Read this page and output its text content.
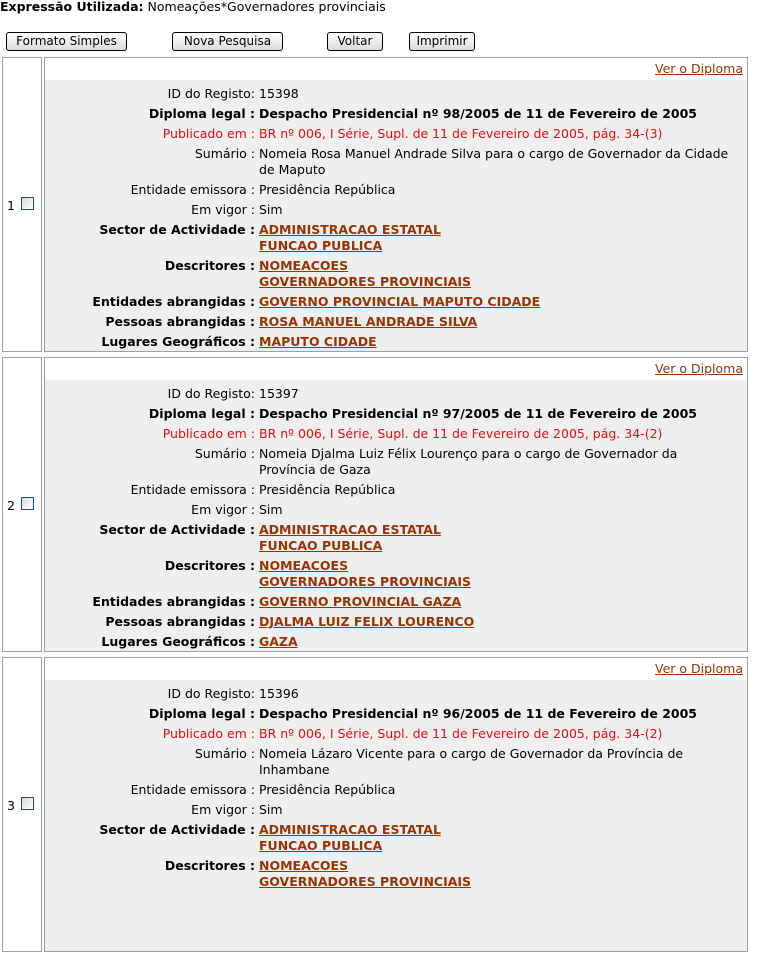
Expressão Utilizada: Nomeações*Governadores provinciais
Formato Simples	Nova Pesquisa	Voltar	Imprimir
1
Ver o Diploma
ID do Registo: 15398
Diploma legal : Despacho Presidencial nº 98/2005 de 11 de Fevereiro de 2005
Publicado em : BR nº 006, I Série, Supl. de 11 de Fevereiro de 2005, pág. 34-(3)
Sumário : Nomeia Rosa Manuel Andrade Silva para o cargo de Governador da Cidade de Maputo
Entidade emissora : Presidência República
Em vigor : Sim
Sector de Actividade : ADMINISTRACAO ESTATAL
FUNCAO PUBLICA
Descritores : NOMEACOES
GOVERNADORES PROVINCIAIS
Entidades abrangidas : GOVERNO PROVINCIAL MAPUTO CIDADE
Pessoas abrangidas : ROSA MANUEL ANDRADE SILVA
Lugares Geográficos : MAPUTO CIDADE
2
Ver o Diploma
ID do Registo: 15397
Diploma legal : Despacho Presidencial nº 97/2005 de 11 de Fevereiro de 2005
Publicado em : BR nº 006, I Série, Supl. de 11 de Fevereiro de 2005, pág. 34-(2)
Sumário : Nomeia Djalma Luiz Félix Lourenço para o cargo de Governador da Província de Gaza
Entidade emissora : Presidência República
Em vigor : Sim
Sector de Actividade : ADMINISTRACAO ESTATAL
FUNCAO PUBLICA
Descritores : NOMEACOES
GOVERNADORES PROVINCIAIS
Entidades abrangidas : GOVERNO PROVINCIAL GAZA
Pessoas abrangidas : DJALMA LUIZ FELIX LOURENCO
Lugares Geográficos : GAZA
3
Ver o Diploma
ID do Registo: 15396
Diploma legal : Despacho Presidencial nº 96/2005 de 11 de Fevereiro de 2005
Publicado em : BR nº 006, I Série, Supl. de 11 de Fevereiro de 2005, pág. 34-(2)
Sumário : Nomeia Lázaro Vicente para o cargo de Governador da Província de Inhambane
Entidade emissora : Presidência República
Em vigor : Sim
Sector de Actividade : ADMINISTRACAO ESTATAL
FUNCAO PUBLICA
Descritores : NOMEACOES
GOVERNADORES PROVINCIAIS
